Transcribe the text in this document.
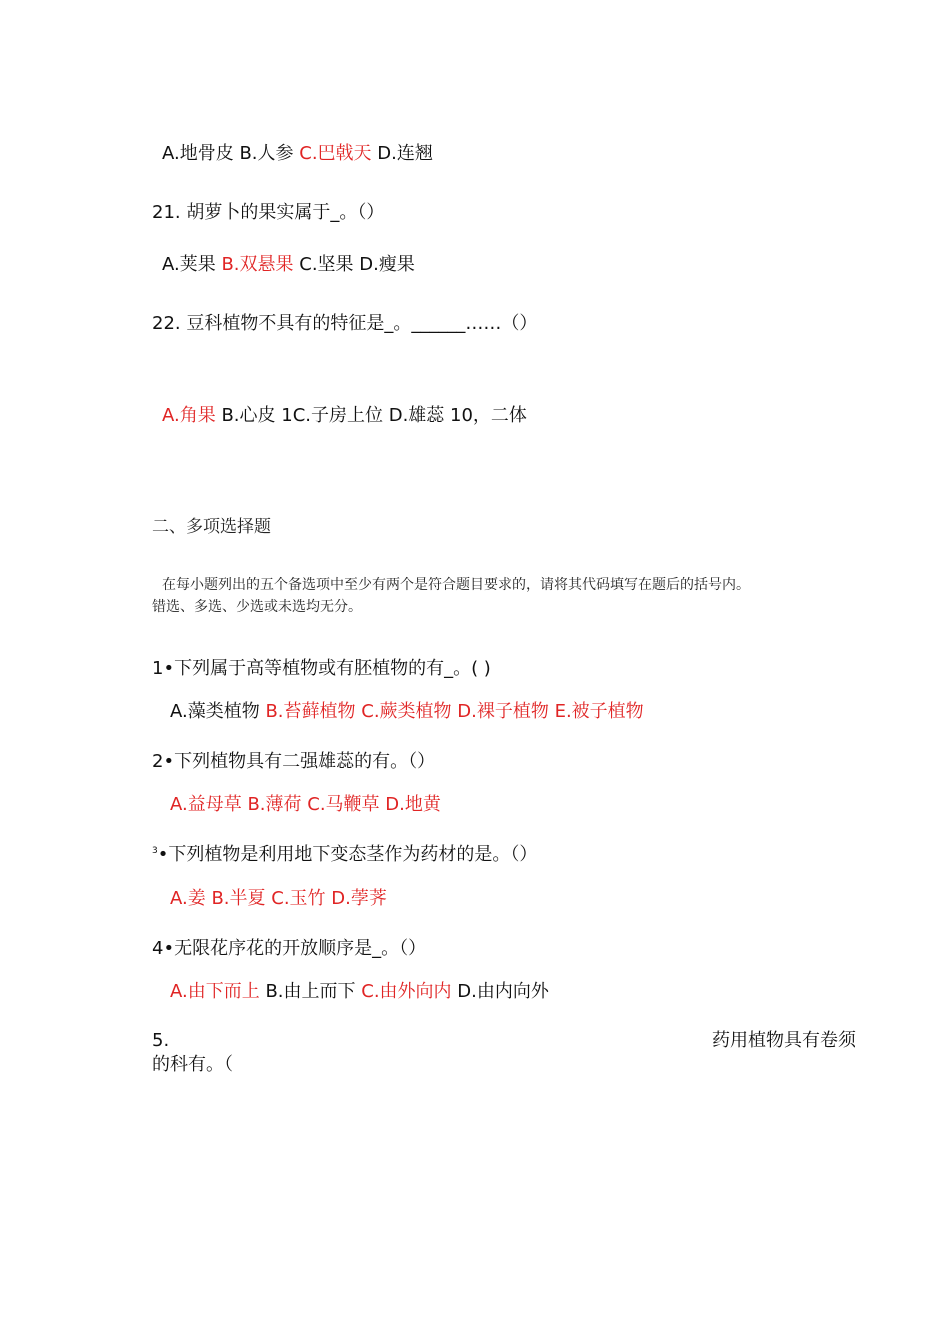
A.地骨皮 B.人参 C.巴戟天 D.连翘
21. 胡萝卜的果实属于_。（）
A.荚果 B.双悬果 C.坚果 D.瘦果
22. 豆科植物不具有的特征是_。______……（）
A.角果 B.心皮 1C.子房上位 D.雄蕊 10，二体
二、多项选择题
在每小题列出的五个备选项中至少有两个是符合题目要求的，请将其代码填写在题后的括号内。
错选、多选、少选或未选均无分。
1•下列属于高等植物或有胚植物的有_。( )
A.藻类植物 B.苔藓植物 C.蕨类植物 D.裸子植物 E.被子植物
2•下列植物具有二强雄蕊的有。（）
A.益母草 B.薄荷 C.马鞭草 D.地黄
$^3$•下列植物是利用地下变态茎作为药材的是。（）
A.姜 B.半夏 C.玉竹 D.荸荠
4•无限花序花的开放顺序是_。（）
A.由下而上 B.由上而下 C.由外向内 D.由内向外
5.	药用植物具有卷须
的科有。（
